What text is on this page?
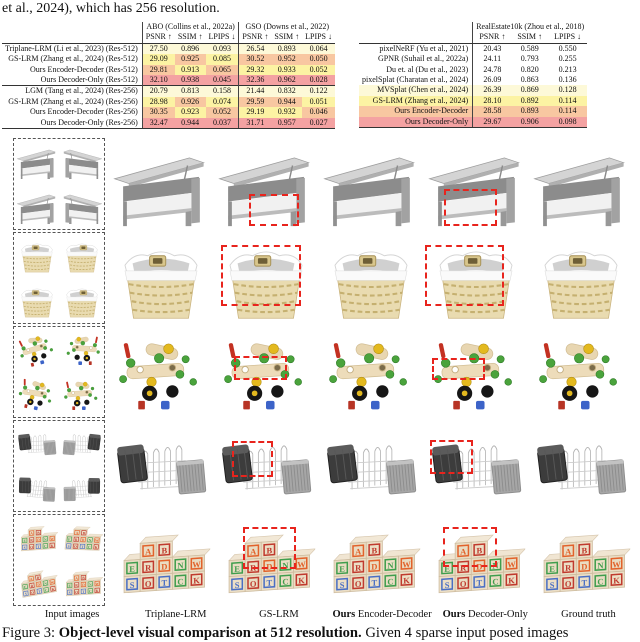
et al., 2024), which has 256 resolution.
	ABO (Collins et al., 2022a)			GSO (Downs et al., 2022)		
	PSNR ↑	SSIM ↑	LPIPS ↓	PSNR ↑	SSIM ↑	LPIPS ↓
Triplane-LRM (Li et al., 2023) (Res-512)	27.50	0.896	0.093	26.54	0.893	0.064
GS-LRM (Zhang et al., 2024) (Res-512)	29.09	0.925	0.085	30.52	0.952	0.050
Ours Encoder-Decoder (Res-512)	29.81	0.913	0.065	29.32	0.933	0.052
Ours Decoder-Only (Res-512)	32.10	0.938	0.045	32.36	0.962	0.028
LGM (Tang et al., 2024) (Res-256)	20.79	0.813	0.158	21.44	0.832	0.122
GS-LRM (Zhang et al., 2024) (Res-256)	28.98	0.926	0.074	29.59	0.944	0.051
Ours Encoder-Decoder (Res-256)	30.35	0.923	0.052	29.19	0.932	0.046
Ours Decoder-Only (Res-256)	32.47	0.944	0.037	31.71	0.957	0.027
	RealEstate10k (Zhou et al., 2018)		
	PSNR ↑	SSIM ↑	LPIPS ↓
pixelNeRF (Yu et al., 2021)	20.43	0.589	0.550
GPNR (Suhail et al., 2022a)	24.11	0.793	0.255
Du et. al (Du et al., 2023)	24.78	0.820	0.213
pixelSplat (Charatan et al., 2024)	26.09	0.863	0.136
MVSplat (Chen et al., 2024)	26.39	0.869	0.128
GS-LRM (Zhang et al., 2024)	28.10	0.892	0.114
Ours Encoder-Decoder	28.58	0.893	0.114
Ours Decoder-Only	29.67	0.906	0.098
Input images	Triplane-LRM	GS-LRM	Ours Encoder-Decoder	Ours Decoder-Only	Ground truth
Figure 3: Object-level visual comparison at 512 resolution. Given 4 sparse input posed images
